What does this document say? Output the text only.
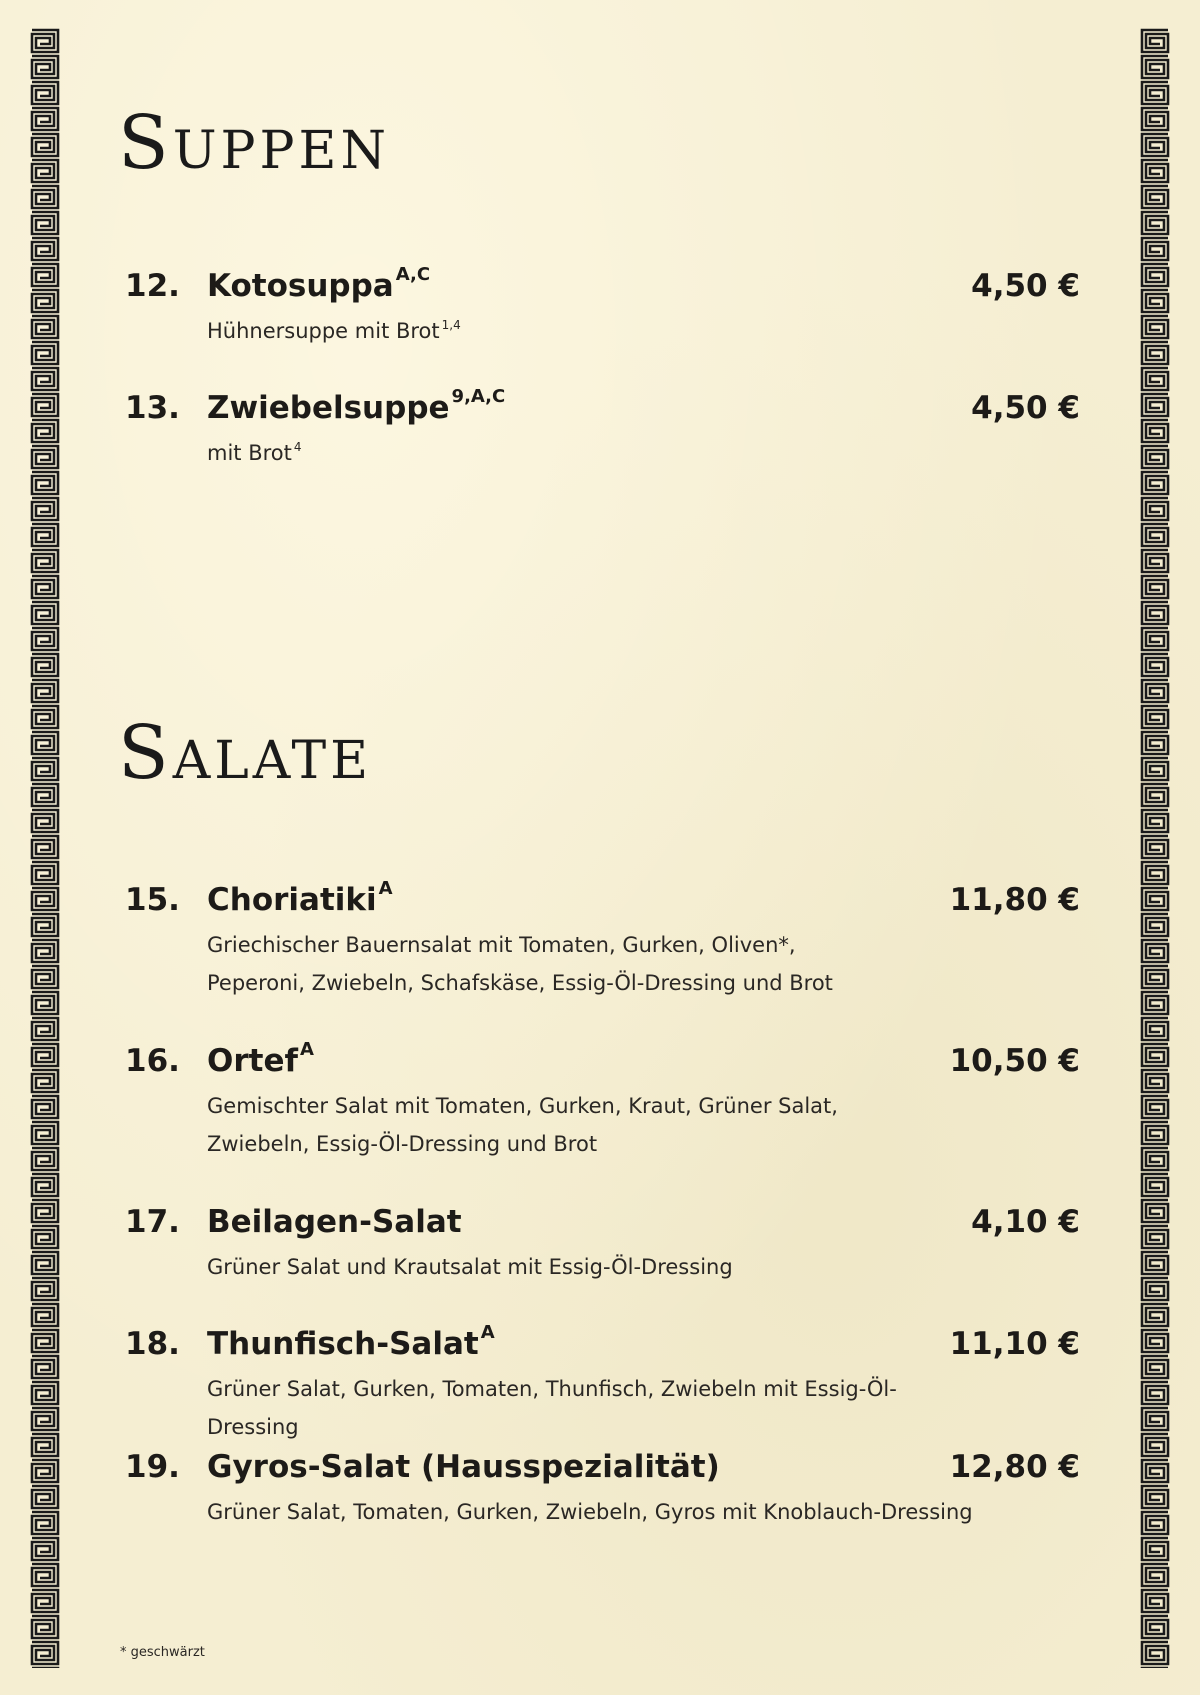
Suppen
12. Kotosuppa $^{A,C}$	4,50 €
Hühnersuppe mit Brot $^{1,4}$
13. Zwiebelsuppe $^{9,A,C}$	4,50 €
mit Brot $^4$
Salate
15. Choriatiki $^A$	11,80 €
Griechischer Bauernsalat mit Tomaten, Gurken, Oliven*,
Peperoni, Zwiebeln, Schafskäse, Essig-Öl-Dressing und Brot
16. Ortef $^A$	10,50 €
Gemischter Salat mit Tomaten, Gurken, Kraut, Grüner Salat,
Zwiebeln, Essig-Öl-Dressing und Brot
17. Beilagen-Salat	4,10 €
Grüner Salat und Krautsalat mit Essig-Öl-Dressing
18. Thunfisch-Salat $^A$	11,10 €
Grüner Salat, Gurken, Tomaten, Thunfisch, Zwiebeln mit Essig-Öl-Dressing
19. Gyros-Salat (Hausspezialität)	12,80 €
Grüner Salat, Tomaten, Gurken, Zwiebeln, Gyros mit Knoblauch-Dressing
* geschwärzt
